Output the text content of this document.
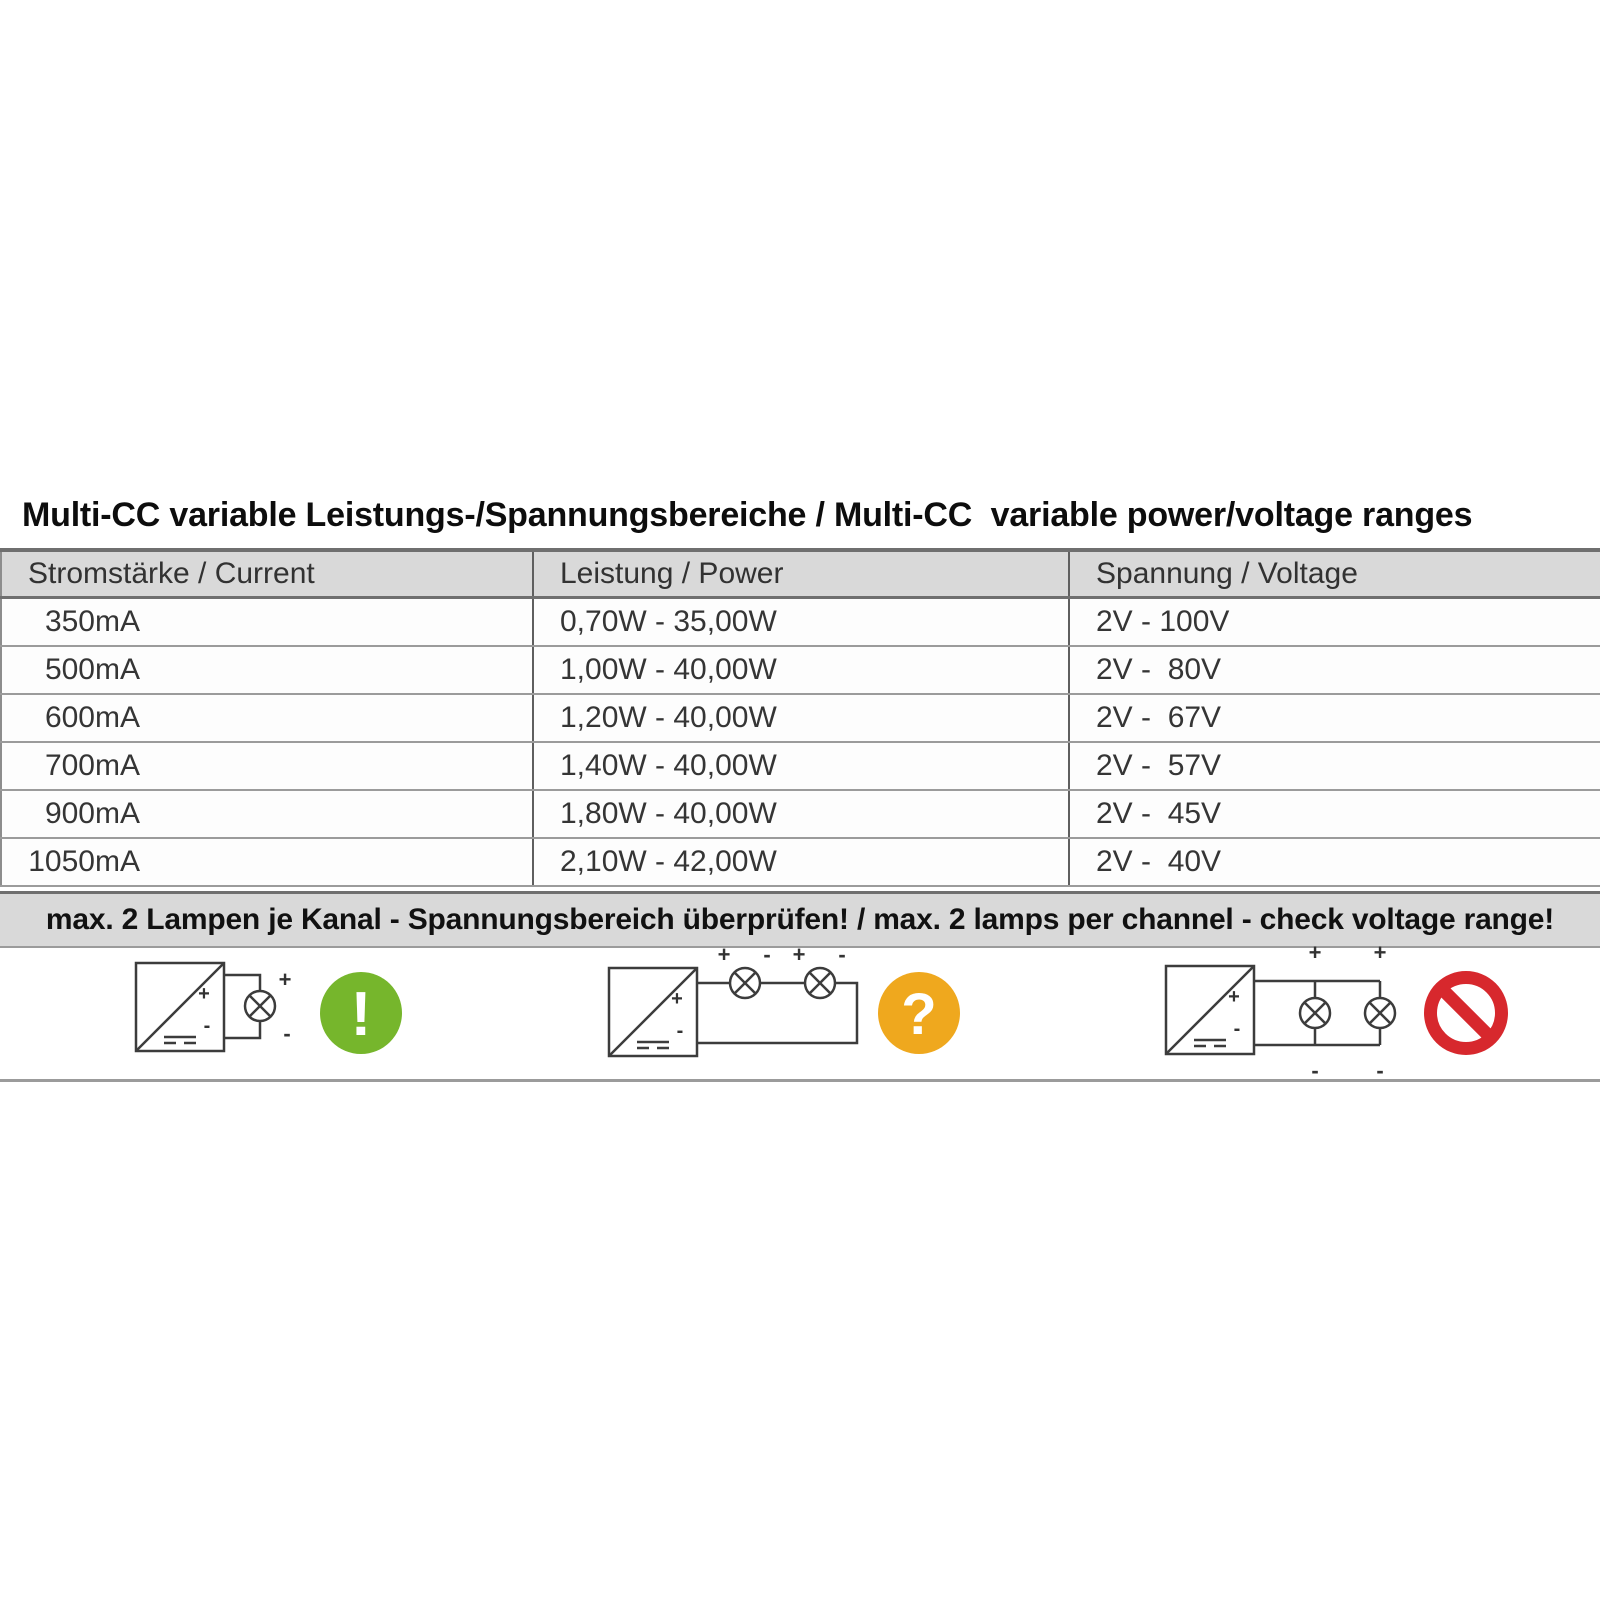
Multi-CC variable Leistungs-/Spannungsbereiche / Multi-CC  variable power/voltage ranges
Stromstärke / Current	Leistung / Power	Spannung / Voltage
350mA	0,70W - 35,00W	2V - 100V
500mA	1,00W - 40,00W	2V -  80V
600mA	1,20W - 40,00W	2V -  67V
700mA	1,40W - 40,00W	2V -  57V
900mA	1,80W - 40,00W	2V -  45V
1050mA	2,10W - 42,00W	2V -  40V
max. 2 Lampen je Kanal - Spannungsbereich überprüfen! / max. 2 lamps per channel - check voltage range!
+
-
+
- !	+
-
+ - + -
?	+
-
+ +
-	-
